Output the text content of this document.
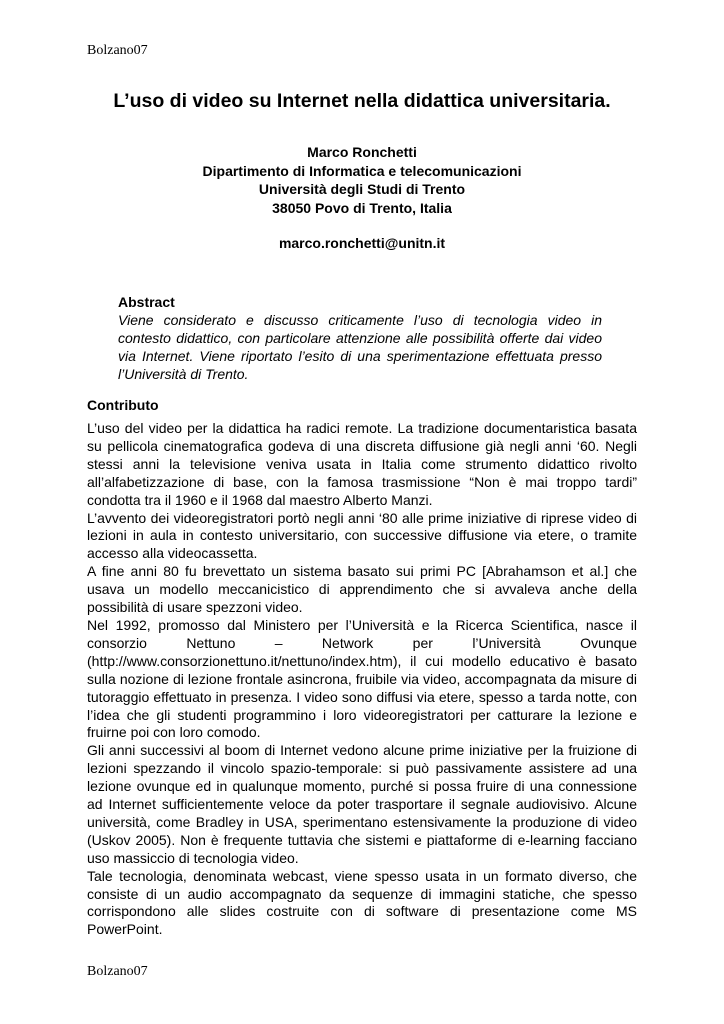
Bolzano07
L’uso di video su Internet nella didattica universitaria.
Marco Ronchetti
Dipartimento di Informatica e telecomunicazioni
Università degli Studi di Trento
38050 Povo di Trento, Italia
marco.ronchetti@unitn.it
Abstract
Viene considerato e discusso criticamente l’uso di tecnologia video in contesto didattico, con particolare attenzione alle possibilità offerte dai video via Internet. Viene riportato l’esito di una sperimentazione effettuata presso l’Università di Trento.
Contributo

L’uso del video per la didattica ha radici remote. La tradizione documentaristica basata su pellicola cinematografica godeva di una discreta diffusione già negli anni ‘60. Negli stessi anni la televisione veniva usata in Italia come strumento didattico rivolto all’alfabetizzazione di base, con la famosa trasmissione “Non è mai troppo tardi” condotta tra il 1960 e il 1968 dal maestro Alberto Manzi.

L’avvento dei videoregistratori portò negli anni ‘80 alle prime iniziative di riprese video di lezioni in aula in contesto universitario, con successive diffusione via etere, o tramite accesso alla videocassetta.

A fine anni 80 fu brevettato un sistema basato sui primi PC [Abrahamson et al.] che usava un modello meccanicistico di apprendimento che si avvaleva anche della possibilità di usare spezzoni video.

Nel 1992, promosso dal Ministero per l’Università e la Ricerca Scientifica, nasce il consorzio Nettuno – Network per l’Università Ovunque (http://www.consorzionettuno.it/nettuno/index.htm), il cui modello educativo è basato sulla nozione di lezione frontale asincrona, fruibile via video, accompagnata da misure di tutoraggio effettuato in presenza. I video sono diffusi via etere, spesso a tarda notte, con l’idea che gli studenti programmino i loro videoregistratori per catturare la lezione e fruirne poi con loro comodo.

Gli anni successivi al boom di Internet vedono alcune prime iniziative per la fruizione di lezioni spezzando il vincolo spazio-temporale: si può passivamente assistere ad una lezione ovunque ed in qualunque momento, purché si possa fruire di una connessione ad Internet sufficientemente veloce da poter trasportare il segnale audiovisivo. Alcune università, come Bradley in USA, sperimentano estensivamente la produzione di video (Uskov 2005). Non è frequente tuttavia che sistemi e piattaforme di e-learning facciano uso massiccio di tecnologia video.

Tale tecnologia, denominata webcast, viene spesso usata in un formato diverso, che consiste di un audio accompagnato da sequenze di immagini statiche, che spesso corrispondono alle slides costruite con di software di presentazione come MS PowerPoint.

Bolzano07
